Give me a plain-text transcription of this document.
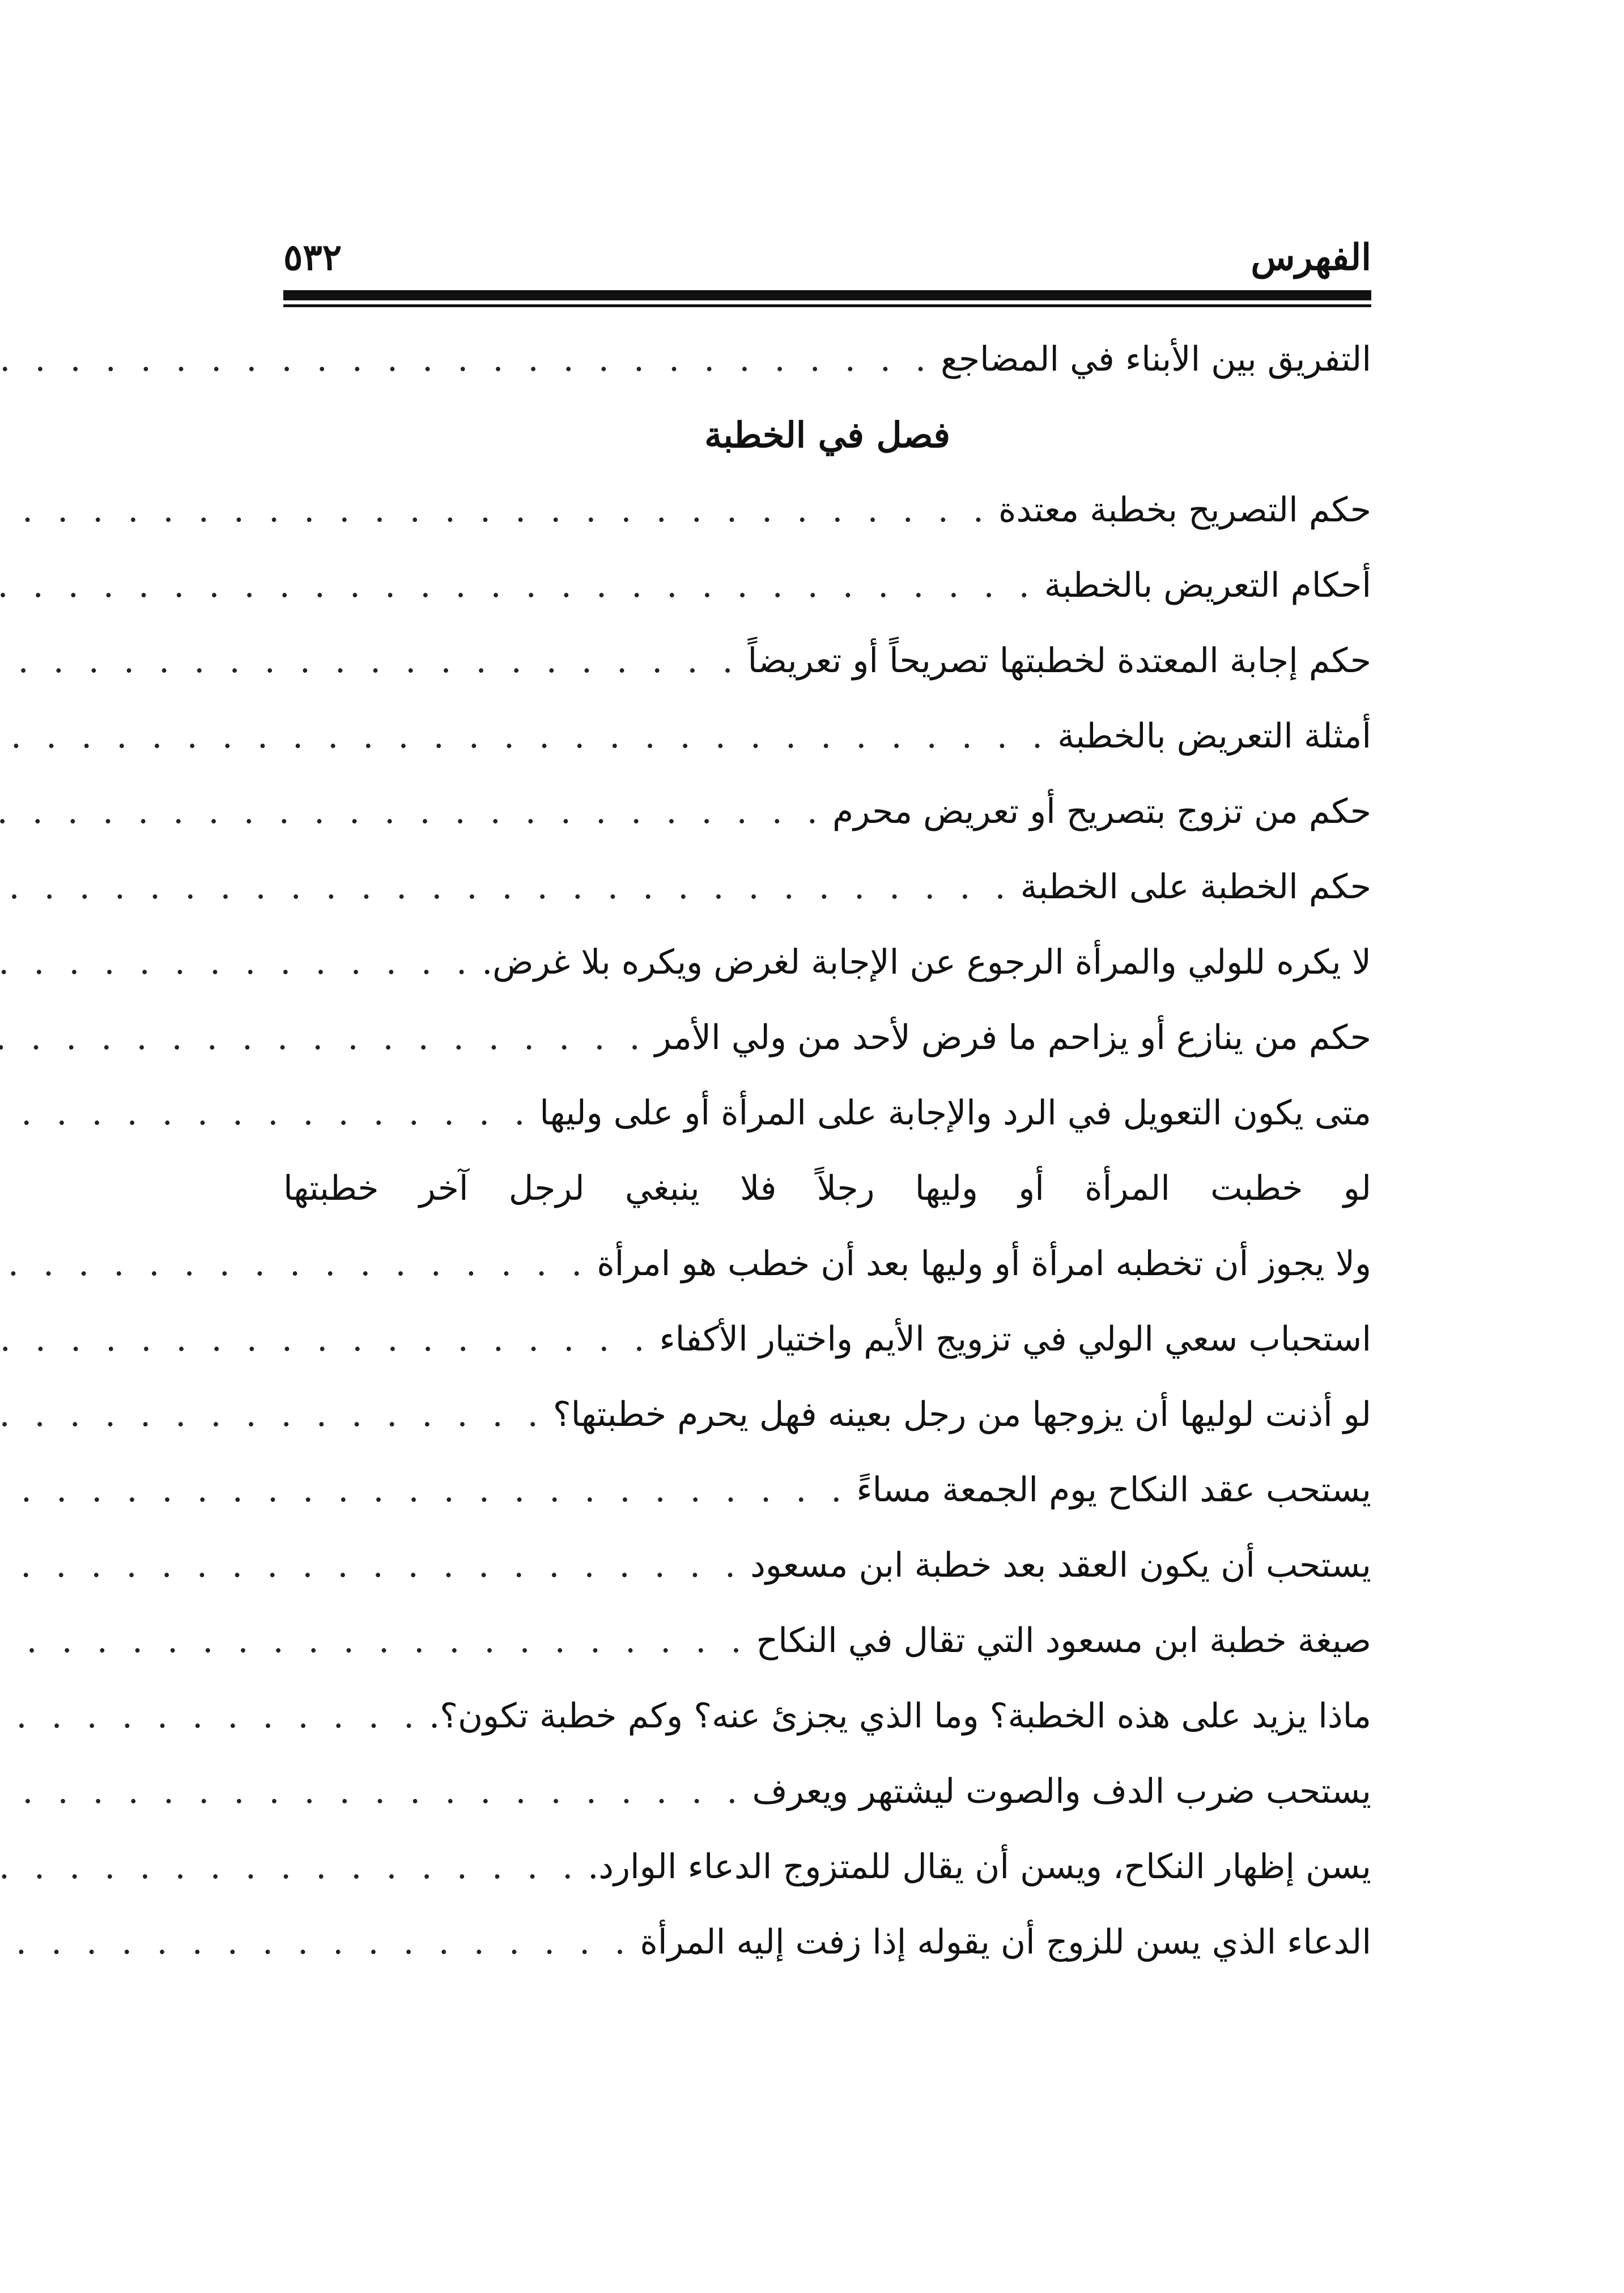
الفهرس
٥٣٢
التفريق بين الأبناء في المضاجع
. . .
فصل في الخطبة
حكم التصريح بخطبة معتدة
. . .
أحكام التعريض بالخطبة
. . .
حكم إجابة المعتدة لخطبتها تصريحاً أو تعريضاً
. . .
أمثلة التعريض بالخطبة
. . .
حكم من تزوج بتصريح أو تعريض محرم
. . .
حكم الخطبة على الخطبة
. . .
لا يكره للولي والمرأة الرجوع عن الإجابة لغرض ويكره بلا غرض.
. . .
حكم من ينازع أو يزاحم ما فرض لأحد من ولي الأمر
. . .
متى يكون التعويل في الرد والإجابة على المرأة أو على وليها
. . .
لو خطبت المرأة أو وليها رجلاً فلا ينبغي لرجل آخر خطبتها
ولا يجوز أن تخطبه امرأة أو وليها بعد أن خطب هو امرأة
. . .
استحباب سعي الولي في تزويج الأيم واختيار الأكفاء
. . .
لو أذنت لوليها أن يزوجها من رجل بعينه فهل يحرم خطبتها؟
. . .
يستحب عقد النكاح يوم الجمعة مساءً
. . .
يستحب أن يكون العقد بعد خطبة ابن مسعود
. . .
صيغة خطبة ابن مسعود التي تقال في النكاح
. . .
ماذا يزيد على هذه الخطبة؟ وما الذي يجزئ عنه؟ وكم خطبة تكون؟.
. . .
يستحب ضرب الدف والصوت ليشتهر ويعرف
. . .
يسن إظهار النكاح، ويسن أن يقال للمتزوج الدعاء الوارد.
. . .
الدعاء الذي يسن للزوج أن يقوله إذا زفت إليه المرأة
. . .
